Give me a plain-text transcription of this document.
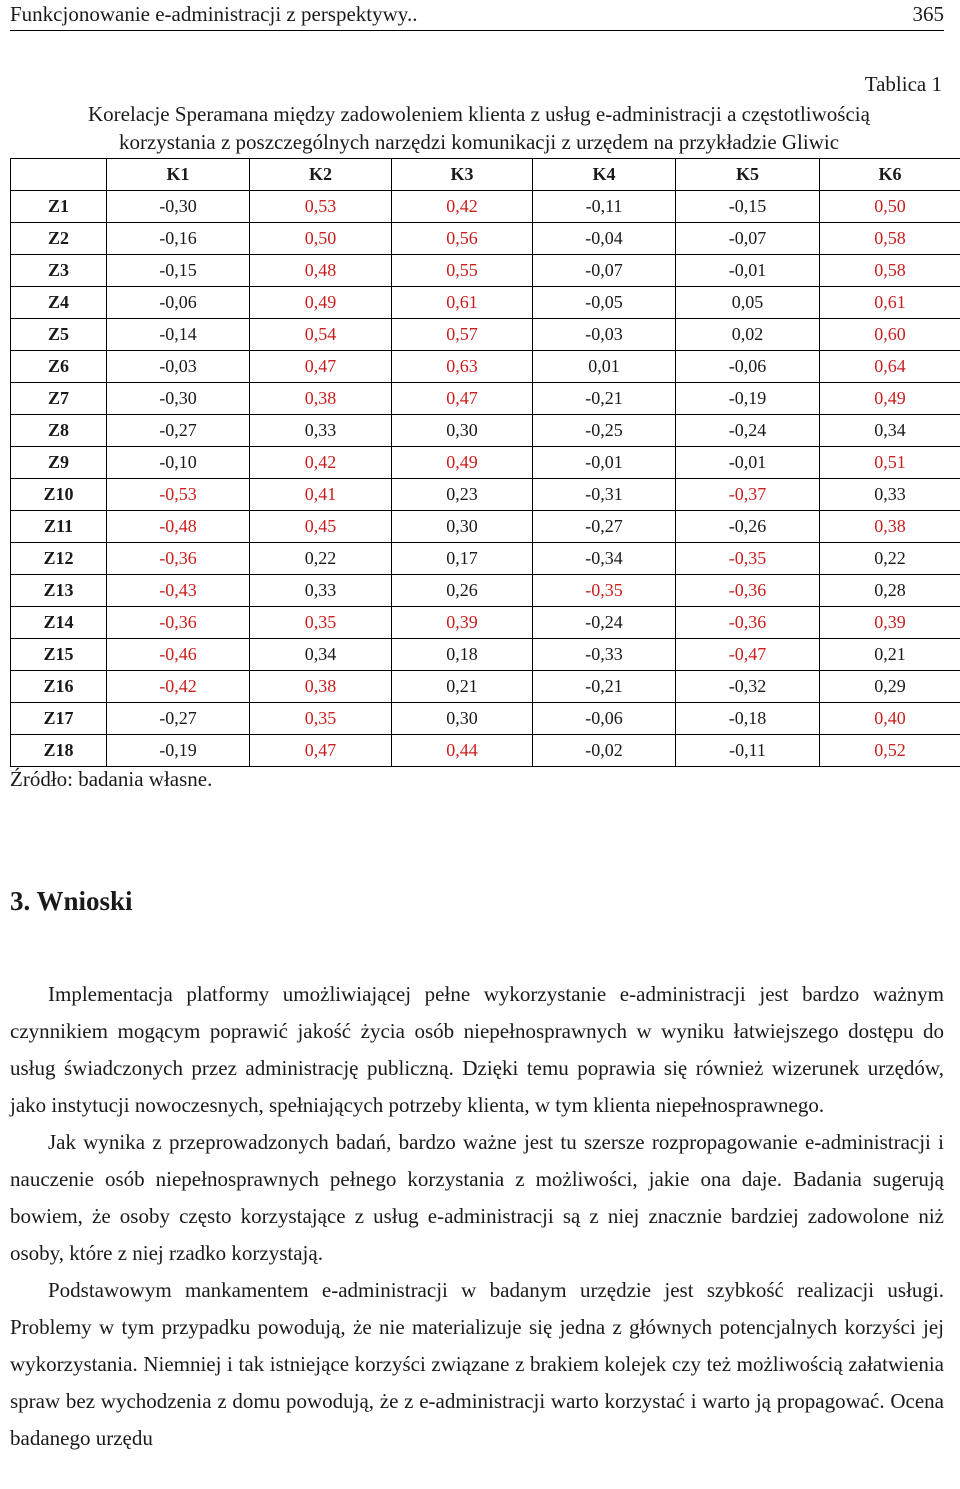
Funkcjonowanie e-administracji z perspektywy..	365
Tablica 1
Korelacje Speramana między zadowoleniem klienta z usług e-administracji a częstotliwością
korzystania z poszczególnych narzędzi komunikacji z urzędem na przykładzie Gliwic
	K1	K2	K3	K4	K5	K6
Z1	-0,30	0,53	0,42	-0,11	-0,15	0,50
Z2	-0,16	0,50	0,56	-0,04	-0,07	0,58
Z3	-0,15	0,48	0,55	-0,07	-0,01	0,58
Z4	-0,06	0,49	0,61	-0,05	0,05	0,61
Z5	-0,14	0,54	0,57	-0,03	0,02	0,60
Z6	-0,03	0,47	0,63	0,01	-0,06	0,64
Z7	-0,30	0,38	0,47	-0,21	-0,19	0,49
Z8	-0,27	0,33	0,30	-0,25	-0,24	0,34
Z9	-0,10	0,42	0,49	-0,01	-0,01	0,51
Z10	-0,53	0,41	0,23	-0,31	-0,37	0,33
Z11	-0,48	0,45	0,30	-0,27	-0,26	0,38
Z12	-0,36	0,22	0,17	-0,34	-0,35	0,22
Z13	-0,43	0,33	0,26	-0,35	-0,36	0,28
Z14	-0,36	0,35	0,39	-0,24	-0,36	0,39
Z15	-0,46	0,34	0,18	-0,33	-0,47	0,21
Z16	-0,42	0,38	0,21	-0,21	-0,32	0,29
Z17	-0,27	0,35	0,30	-0,06	-0,18	0,40
Z18	-0,19	0,47	0,44	-0,02	-0,11	0,52
Źródło: badania własne.
3. Wnioski

Implementacja platformy umożliwiającej pełne wykorzystanie e-administracji jest bardzo ważnym czynnikiem mogącym poprawić jakość życia osób niepełnosprawnych w wyniku łatwiejszego dostępu do usług świadczonych przez administrację publiczną. Dzięki temu poprawia się również wizerunek urzędów, jako instytucji nowoczesnych, spełniających potrzeby klienta, w tym klienta niepełnosprawnego.

Jak wynika z przeprowadzonych badań, bardzo ważne jest tu szersze rozpropagowanie e-administracji i nauczenie osób niepełnosprawnych pełnego korzystania z możliwości, jakie ona daje. Badania sugerują bowiem, że osoby często korzystające z usług e-administracji są z niej znacznie bardziej zadowolone niż osoby, które z niej rzadko korzystają.

Podstawowym mankamentem e-administracji w badanym urzędzie jest szybkość realizacji usługi. Problemy w tym przypadku powodują, że nie materializuje się jedna z głównych potencjalnych korzyści jej wykorzystania. Niemniej i tak istniejące korzyści związane z brakiem kolejek czy też możliwością załatwienia spraw bez wychodzenia z domu powodują, że z e-administracji warto korzystać i warto ją propagować. Ocena badanego urzędu
